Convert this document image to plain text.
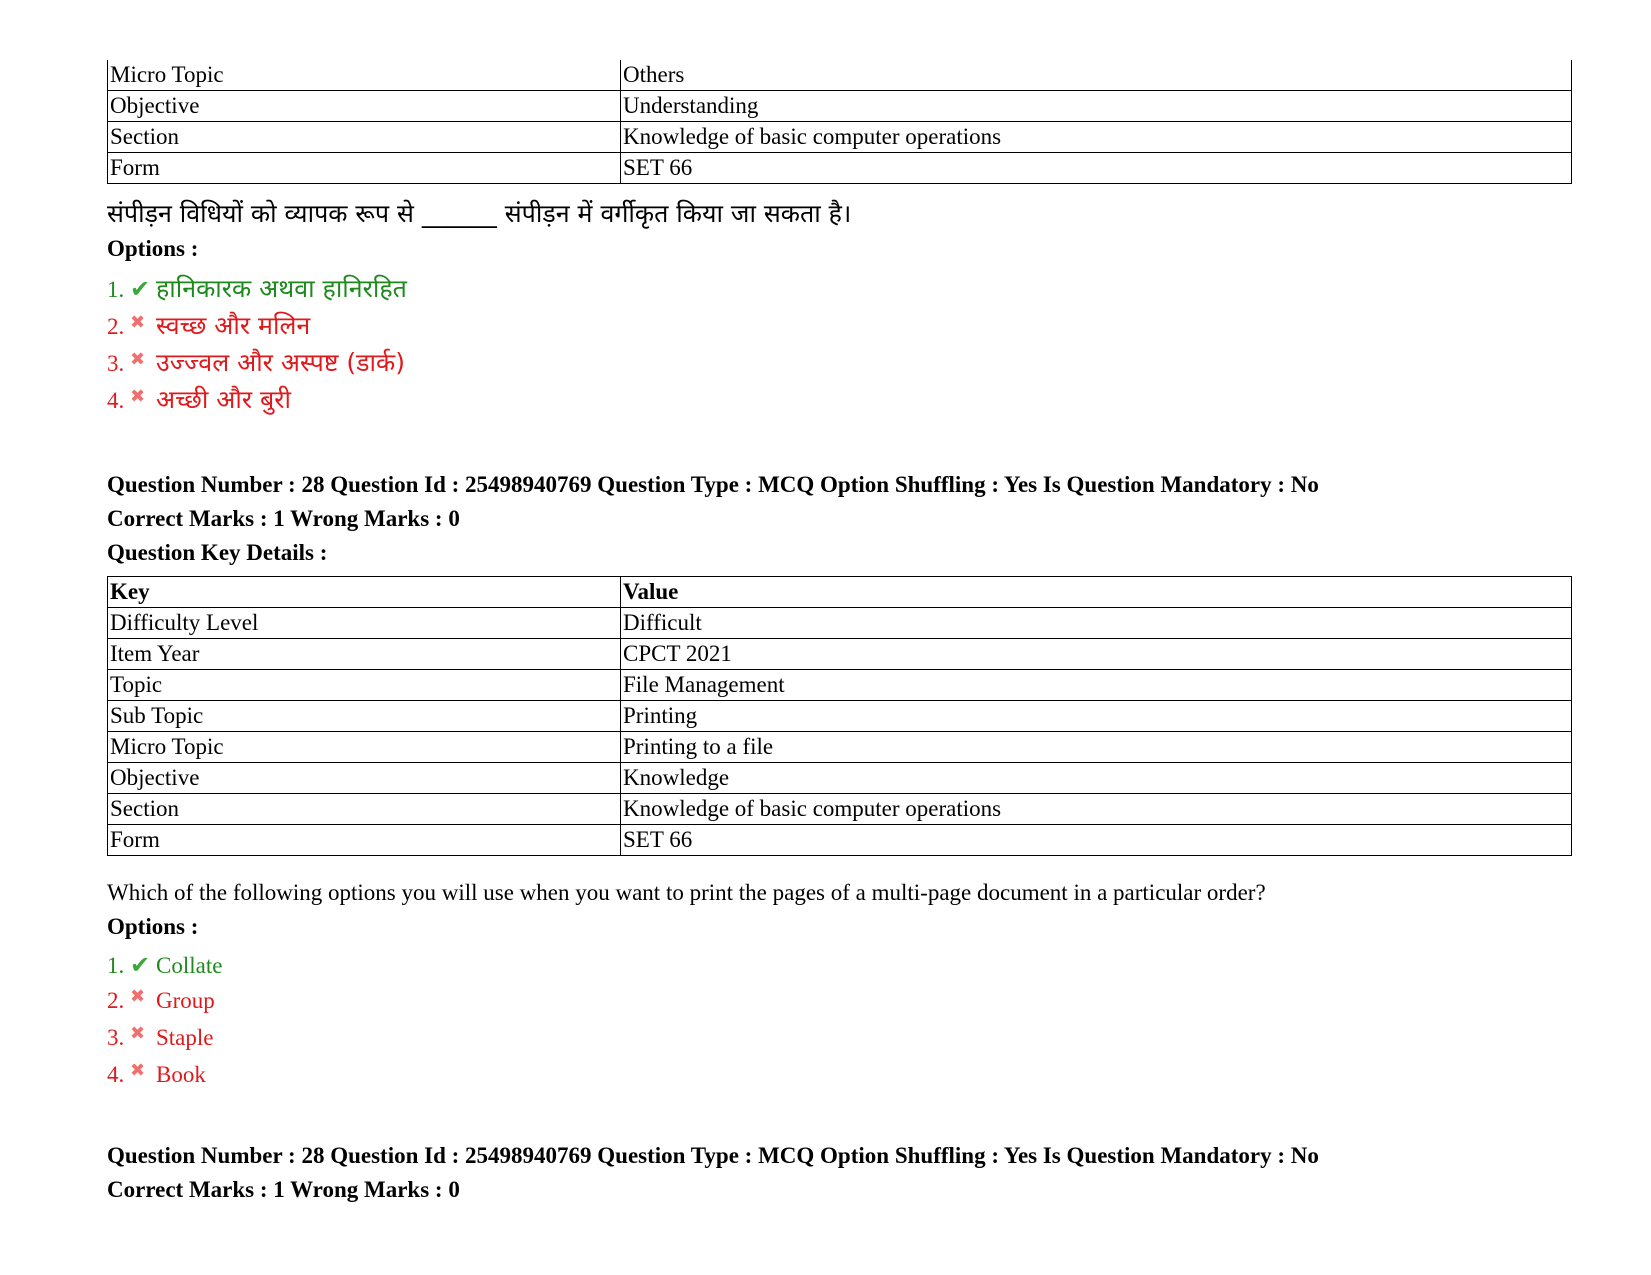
Micro Topic	Others
Objective	Understanding
Section	Knowledge of basic computer operations
Form	SET 66
संपीड़न विधियों को व्यापक रूप से ______ संपीड़न में वर्गीकृत किया जा सकता है।
Options :
1. ✔ हानिकारक अथवा हानिरहित
2. ✖ स्वच्छ और मलिन
3. ✖ उज्ज्वल और अस्पष्ट (डार्क)
4. ✖ अच्छी और बुरी
Question Number : 28 Question Id : 25498940769 Question Type : MCQ Option Shuffling : Yes Is Question Mandatory : No
Correct Marks : 1 Wrong Marks : 0
Question Key Details :
Key	Value
Difficulty Level	Difficult
Item Year	CPCT 2021
Topic	File Management
Sub Topic	Printing
Micro Topic	Printing to a file
Objective	Knowledge
Section	Knowledge of basic computer operations
Form	SET 66
Which of the following options you will use when you want to print the pages of a multi-page document in a particular order?
Options :
1. ✔ Collate
2. ✖ Group
3. ✖ Staple
4. ✖ Book
Question Number : 28 Question Id : 25498940769 Question Type : MCQ Option Shuffling : Yes Is Question Mandatory : No
Correct Marks : 1 Wrong Marks : 0
